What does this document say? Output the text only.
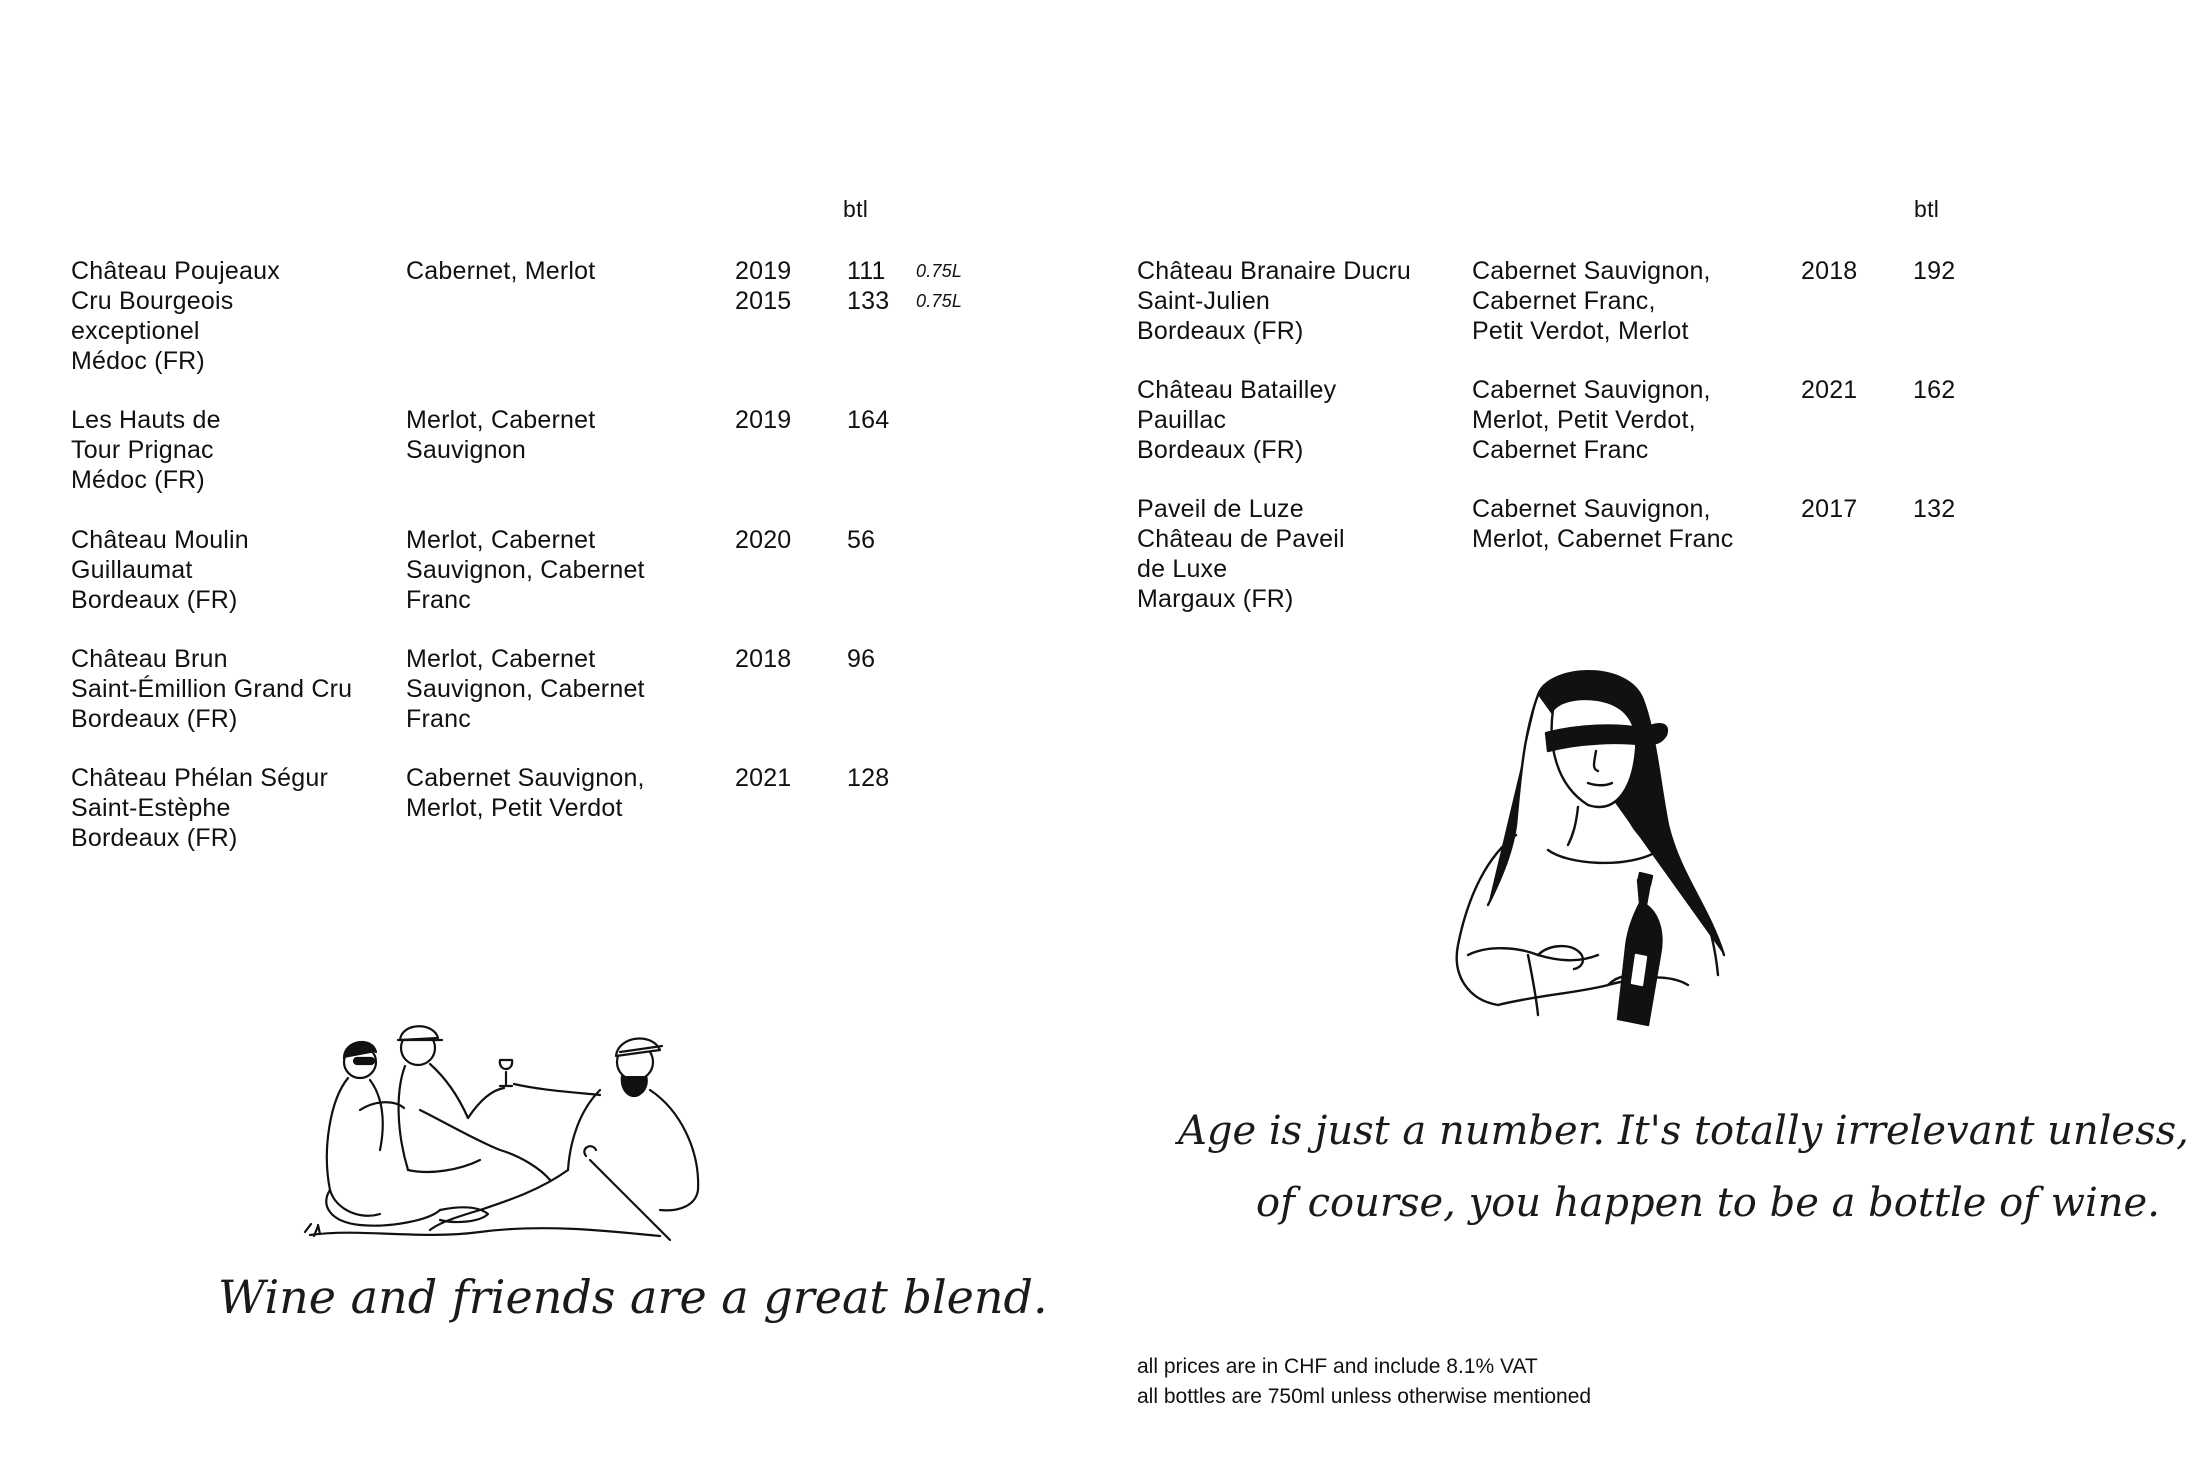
btl
Château Poujeaux
Cru Bourgeois
exceptionel
Médoc (FR)
Cabernet, Merlot	2019
2015
111
133
0.75L
0.75L
Les Hauts de
Tour Prignac
Médoc (FR)
Merlot, Cabernet
Sauvignon
2019 164
Château Moulin
Guillaumat
Bordeaux (FR)
Merlot, Cabernet
Sauvignon, Cabernet
Franc
2020 56
Château Brun
Saint-Émillion Grand Cru
Bordeaux (FR)
Merlot, Cabernet
Sauvignon, Cabernet
Franc
2018 96
Château Phélan Ségur
Saint-Estèphe
Bordeaux (FR)
Cabernet Sauvignon,
Merlot, Petit Verdot
2021 128
Wine and friends are a great blend.
btl
Château Branaire Ducru
Saint-Julien
Bordeaux (FR)
Cabernet Sauvignon,
Cabernet Franc,
Petit Verdot, Merlot
2018 192
Château Batailley
Pauillac
Bordeaux (FR)
Cabernet Sauvignon,
Merlot, Petit Verdot,
Cabernet Franc
2021 162
Paveil de Luze
Château de Paveil
de Luxe
Margaux (FR)
Cabernet Sauvignon,
Merlot, Cabernet Franc
2017 132
Age is just a number. It's totally irrelevant unless,
of course, you happen to be a bottle of wine.
all prices are in CHF and include 8.1% VAT
all bottles are 750ml unless otherwise mentioned
